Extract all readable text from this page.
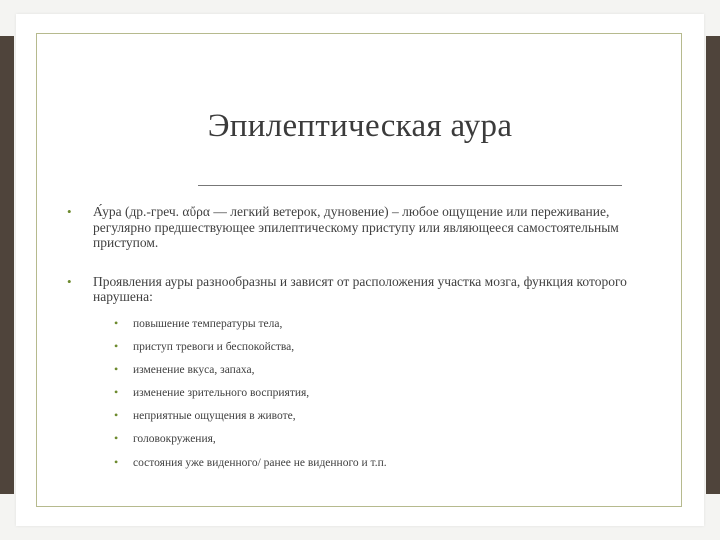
Эпилептическая аура
• А́ура (др.-греч. αὔρα — легкий ветерок, дуновение) – любое ощущение или переживание, регулярно предшествующее эпилептическому приступу или являющееся самостоятельным приступом.
• Проявления ауры разнообразны и зависят от расположения участка мозга, функция которого нарушена:
• повышение температуры тела,
• приступ тревоги и беспокойства,
• изменение вкуса, запаха,
• изменение зрительного восприятия,
• неприятные ощущения в животе,
• головокружения,
• состояния уже виденного/ ранее не виденного и т.п.
